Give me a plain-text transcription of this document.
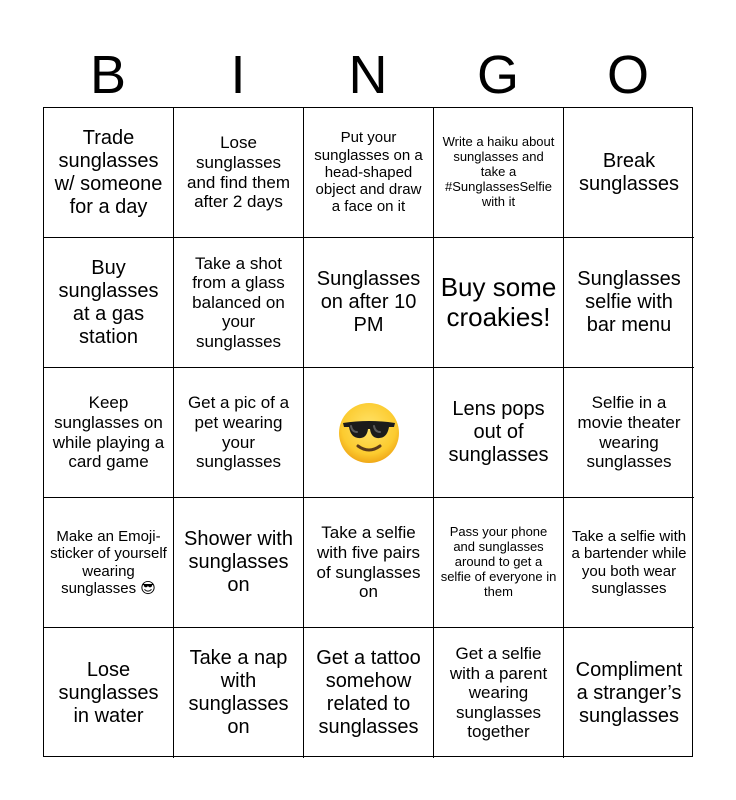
B	I	N	G	O
Trade sunglasses w/ someone for a day
Lose sunglasses and find them after 2 days
Put your sunglasses on a head-shaped object and draw a face on it
Write a haiku about sunglasses and take a #SunglassesSelfie with it
Break sunglasses
Buy sunglasses at a gas station
Take a shot from a glass balanced on your sunglasses
Sunglasses on after 10 PM
Buy some croakies!
Sunglasses selfie with bar menu
Keep sunglasses on while playing a card game
Get a pic of a pet wearing your sunglasses
Lens pops out of sunglasses
Selfie in a movie theater wearing sunglasses
Make an Emoji-sticker of yourself wearing sunglasses 😎
Shower with sunglasses on
Take a selfie with five pairs of sunglasses on
Pass your phone and sunglasses around to get a selfie of everyone in them
Take a selfie with a bartender while you both wear sunglasses
Lose sunglasses in water
Take a nap with sunglasses on
Get a tattoo somehow related to sunglasses
Get a selfie with a parent wearing sunglasses together
Compliment a stranger’s sunglasses
